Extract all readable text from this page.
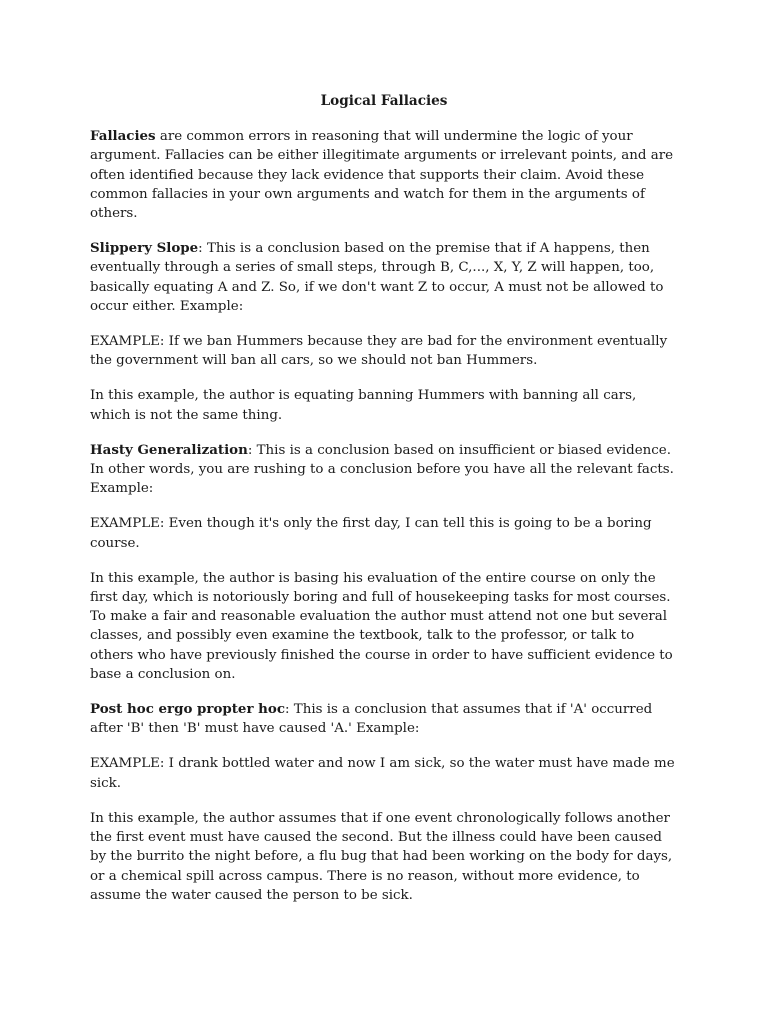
Logical Fallacies

Fallacies are common errors in reasoning that will undermine the logic of your argument. Fallacies can be either illegitimate arguments or irrelevant points, and are often identified because they lack evidence that supports their claim. Avoid these common fallacies in your own arguments and watch for them in the arguments of others.

Slippery Slope: This is a conclusion based on the premise that if A happens, then eventually through a series of small steps, through B, C,..., X, Y, Z will happen, too, basically equating A and Z. So, if we don't want Z to occur, A must not be allowed to occur either. Example:

EXAMPLE: If we ban Hummers because they are bad for the environment eventually the government will ban all cars, so we should not ban Hummers.

In this example, the author is equating banning Hummers with banning all cars, which is not the same thing.

Hasty Generalization: This is a conclusion based on insufficient or biased evidence. In other words, you are rushing to a conclusion before you have all the relevant facts. Example:

EXAMPLE: Even though it's only the first day, I can tell this is going to be a boring course.

In this example, the author is basing his evaluation of the entire course on only the first day, which is notoriously boring and full of housekeeping tasks for most courses. To make a fair and reasonable evaluation the author must attend not one but several classes, and possibly even examine the textbook, talk to the professor, or talk to others who have previously finished the course in order to have sufficient evidence to base a conclusion on.

Post hoc ergo propter hoc: This is a conclusion that assumes that if 'A' occurred after 'B' then 'B' must have caused 'A.' Example:

EXAMPLE: I drank bottled water and now I am sick, so the water must have made me sick.

In this example, the author assumes that if one event chronologically follows another the first event must have caused the second. But the illness could have been caused by the burrito the night before, a flu bug that had been working on the body for days, or a chemical spill across campus. There is no reason, without more evidence, to assume the water caused the person to be sick.
